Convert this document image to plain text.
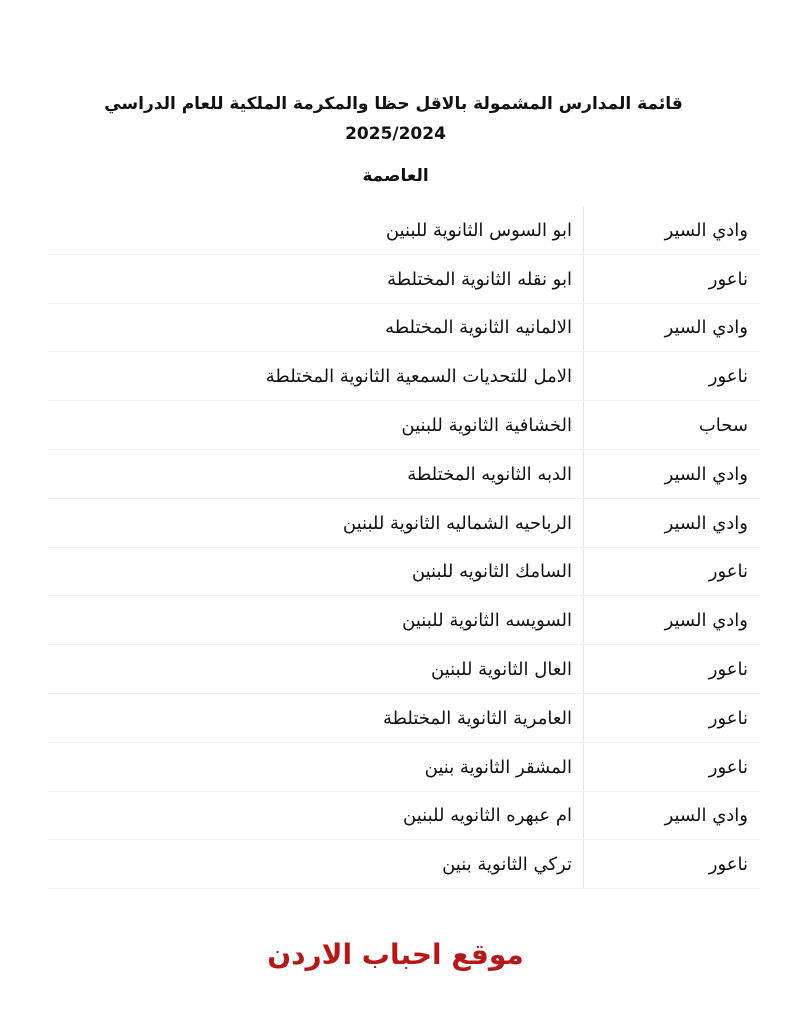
قائمة المدارس المشمولة بالاقل حظا والمكرمة الملكية للعام الدراسي
2025/2024
العاصمة
وادي السير
ابو السوس الثانوية للبنين
ناعور
ابو نقله الثانوية المختلطة
وادي السير
الالمانيه الثانوية المختلطه
ناعور
الامل للتحديات السمعية الثانوية المختلطة
سحاب
الخشافية الثانوية للبنين
وادي السير
الدبه الثانويه المختلطة
وادي السير
الرباحيه الشماليه الثانوية للبنين
ناعور
السامك الثانويه للبنين
وادي السير
السويسه الثانوية للبنين
ناعور
العال الثانوية للبنين
ناعور
العامرية الثانوية المختلطة
ناعور
المشقر الثانوية بنين
وادي السير
ام عبهره الثانويه للبنين
ناعور
تركي الثانوية بنين
موقع احباب الاردن
